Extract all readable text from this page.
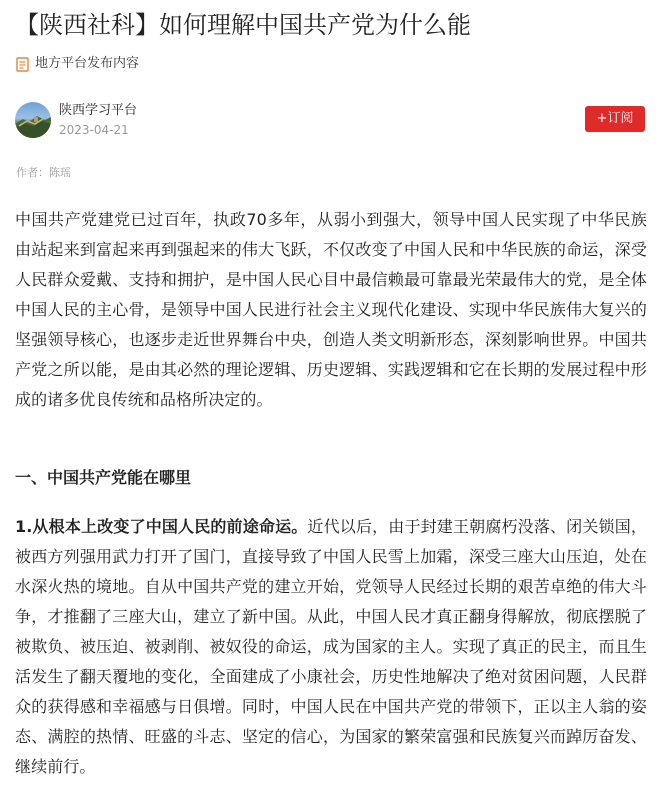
【陕西社科】如何理解中国共产党为什么能
地方平台发布内容
陕西学习平台
2023-04-21
+订阅
作者：陈瑶

中国共产党建党已过百年，执政70多年，从弱小到强大，领导中国人民实现了中华民族由站起来到富起来再到强起来的伟大飞跃，不仅改变了中国人民和中华民族的命运，深受人民群众爱戴、支持和拥护，是中国人民心目中最信赖最可靠最光荣最伟大的党，是全体中国人民的主心骨，是领导中国人民进行社会主义现代化建设、实现中华民族伟大复兴的坚强领导核心，也逐步走近世界舞台中央，创造人类文明新形态，深刻影响世界。中国共产党之所以能，是由其必然的理论逻辑、历史逻辑、实践逻辑和它在长期的发展过程中形成的诸多优良传统和品格所决定的。

一、中国共产党能在哪里

1.从根本上改变了中国人民的前途命运。近代以后，由于封建王朝腐朽没落、闭关锁国，被西方列强用武力打开了国门，直接导致了中国人民雪上加霜，深受三座大山压迫，处在水深火热的境地。自从中国共产党的建立开始，党领导人民经过长期的艰苦卓绝的伟大斗争，才推翻了三座大山，建立了新中国。从此，中国人民才真正翻身得解放，彻底摆脱了被欺负、被压迫、被剥削、被奴役的命运，成为国家的主人。实现了真正的民主，而且生活发生了翻天覆地的变化，全面建成了小康社会，历史性地解决了绝对贫困问题，人民群众的获得感和幸福感与日俱增。同时，中国人民在中国共产党的带领下，正以主人翁的姿态、满腔的热情、旺盛的斗志、坚定的信心，为国家的繁荣富强和民族复兴而踔厉奋发、继续前行。
